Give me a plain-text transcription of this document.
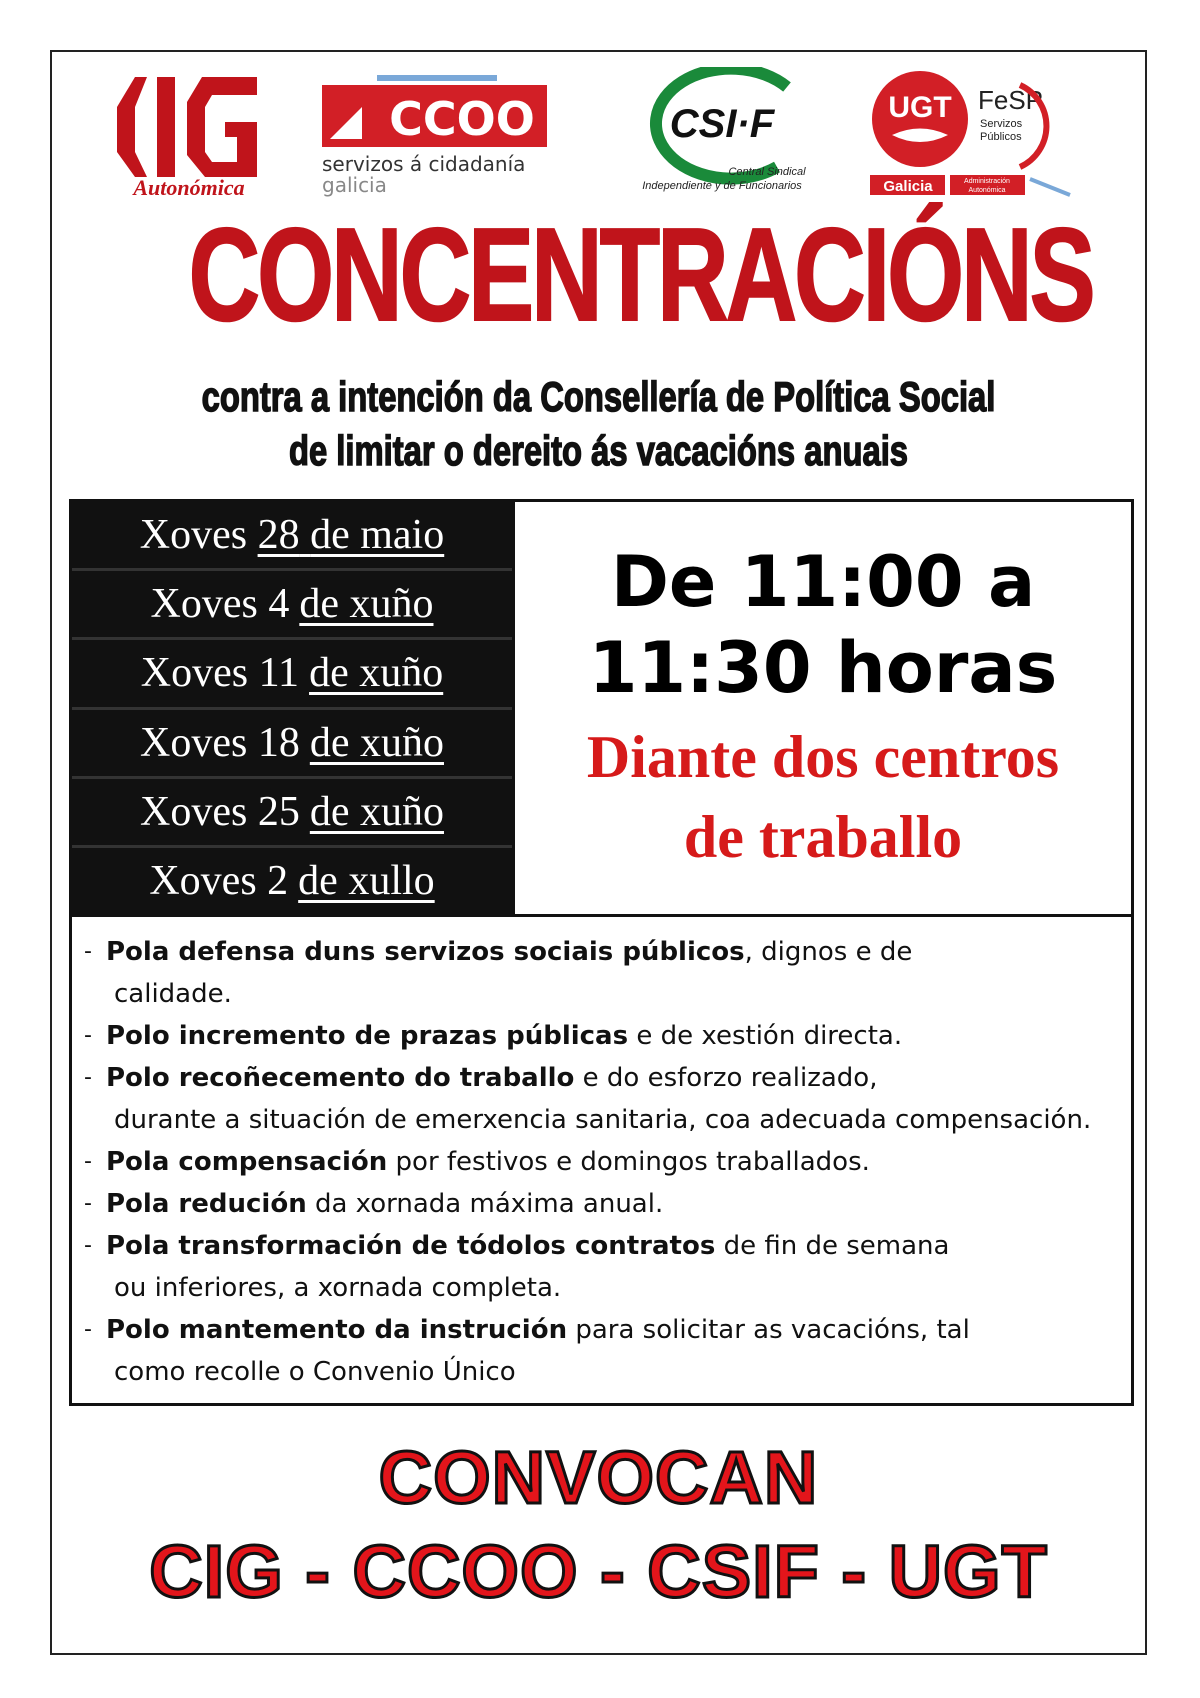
Autonómica
CCOO
servizos á cidadanía
galicia
CSI·F
Central Sindical
Independiente y de Funcionarios
UGT FeSP
Servizos
Públicos
Galicia	Administración
Autonómica
CONCENTRACIÓNS
contra a intención da Consellería de Política Social
de limitar o dereito ás vacacións anuais
Xoves
28 de maio
Xoves
4 de xuño
Xoves
11 de xuño
Xoves
18 de xuño
Xoves
25 de xuño
Xoves
2 de xullo
De 11:00 a
11:30 horas
Diante dos centros
de traballo
- Pola defensa duns servizos sociais públicos, dignos e de
calidade.
- Polo incremento de prazas públicas e de xestión directa.
- Polo recoñecemento do traballo e do esforzo realizado,
durante a situación de emerxencia sanitaria, coa adecuada compensación.
- Pola compensación por festivos e domingos traballados.
- Pola redución da xornada máxima anual.
- Pola transformación de tódolos contratos de fin de semana
ou inferiores, a xornada completa.
- Polo mantemento da instrución para solicitar as vacacións, tal
como recolle o Convenio Único
CONVOCAN
CIG - CCOO - CSIF - UGT
